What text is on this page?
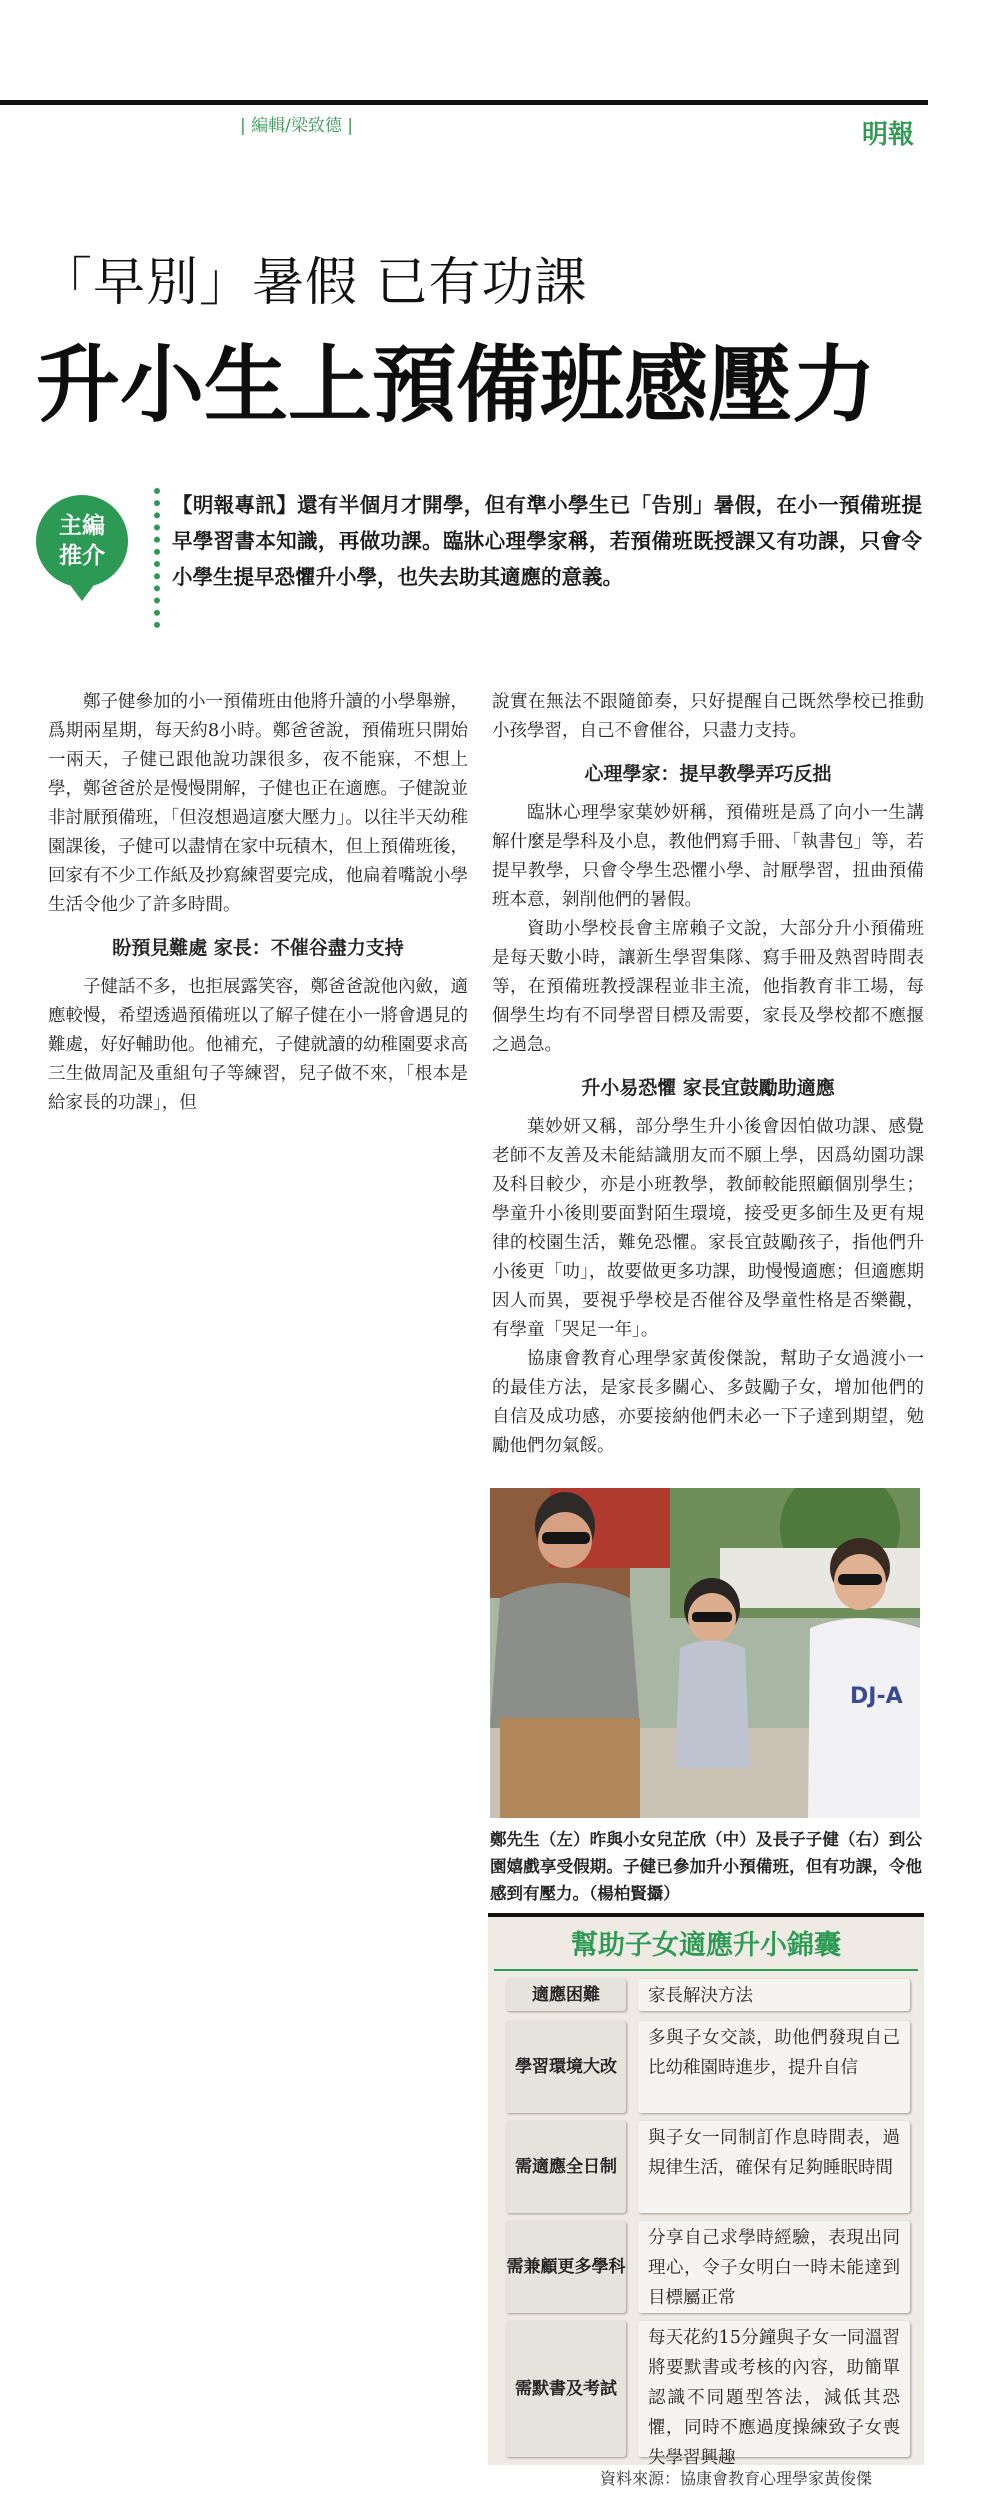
| 編輯/梁致德 |	明報
「早別」暑假 已有功課
升小生上預備班感壓力
主編
推介
【明報專訊】還有半個月才開學，但有準小學生已「告別」暑假，在小一預備班提早學習書本知識，再做功課。臨牀心理學家稱，若預備班既授課又有功課，只會令小學生提早恐懼升小學，也失去助其適應的意義。

鄭子健參加的小一預備班由他將升讀的小學舉辦，爲期兩星期，每天約8小時。鄭爸爸說，預備班只開始一兩天，子健已跟他說功課很多，夜不能寐，不想上學，鄭爸爸於是慢慢開解，子健也正在適應。子健說並非討厭預備班，「但沒想過這麼大壓力」。以往半天幼稚園課後，子健可以盡情在家中玩積木，但上預備班後，回家有不少工作紙及抄寫練習要完成，他扁着嘴說小學生活令他少了許多時間。

盼預見難處 家長：不催谷盡力支持

子健話不多，也拒展露笑容，鄭爸爸說他內斂，適應較慢，希望透過預備班以了解子健在小一將會遇見的難處，好好輔助他。他補充，子健就讀的幼稚園要求高三生做周記及重組句子等練習，兒子做不來，「根本是給家長的功課」，但

說實在無法不跟隨節奏，只好提醒自己既然學校已推動小孩學習，自己不會催谷，只盡力支持。

心理學家：提早教學弄巧反拙

臨牀心理學家葉妙妍稱，預備班是爲了向小一生講解什麼是學科及小息，教他們寫手冊、「執書包」等，若提早教學，只會令學生恐懼小學、討厭學習，扭曲預備班本意，剝削他們的暑假。

資助小學校長會主席賴子文說，大部分升小預備班是每天數小時，讓新生學習集隊、寫手冊及熟習時間表等，在預備班教授課程並非主流，他指教育非工場，每個學生均有不同學習目標及需要，家長及學校都不應揠之過急。

升小易恐懼 家長宜鼓勵助適應

葉妙妍又稱，部分學生升小後會因怕做功課、感覺老師不友善及未能結識朋友而不願上學，因爲幼園功課及科目較少，亦是小班教學，教師較能照顧個別學生；學童升小後則要面對陌生環境，接受更多師生及更有規律的校園生活，難免恐懼。家長宜鼓勵孩子，指他們升小後更「叻」，故要做更多功課，助慢慢適應；但適應期因人而異，要視乎學校是否催谷及學童性格是否樂觀，有學童「哭足一年」。

協康會教育心理學家黃俊傑說，幫助子女過渡小一的最佳方法，是家長多關心、多鼓勵子女，增加他們的自信及成功感，亦要接納他們未必一下子達到期望，勉勵他們勿氣餒。

DJ-A
鄭先生（左）昨與小女兒芷欣（中）及長子子健（右）到公園嬉戲享受假期。子健已參加升小預備班，但有功課，令他感到有壓力。（楊柏賢攝）
幫助子女適應升小錦囊
適應困難	家長解決方法
學習環境大改
多與子女交談，助他們發現自己比幼稚園時進步，提升自信
需適應全日制
與子女一同制訂作息時間表，過規律生活，確保有足夠睡眠時間
需兼顧更多學科
分享自己求學時經驗，表現出同理心，令子女明白一時未能達到目標屬正常
需默書及考試
每天花約15分鐘與子女一同溫習將要默書或考核的內容，助簡單認識不同題型答法，減低其恐懼，同時不應過度操練致子女喪失學習興趣
資料來源：協康會教育心理學家黃俊傑
